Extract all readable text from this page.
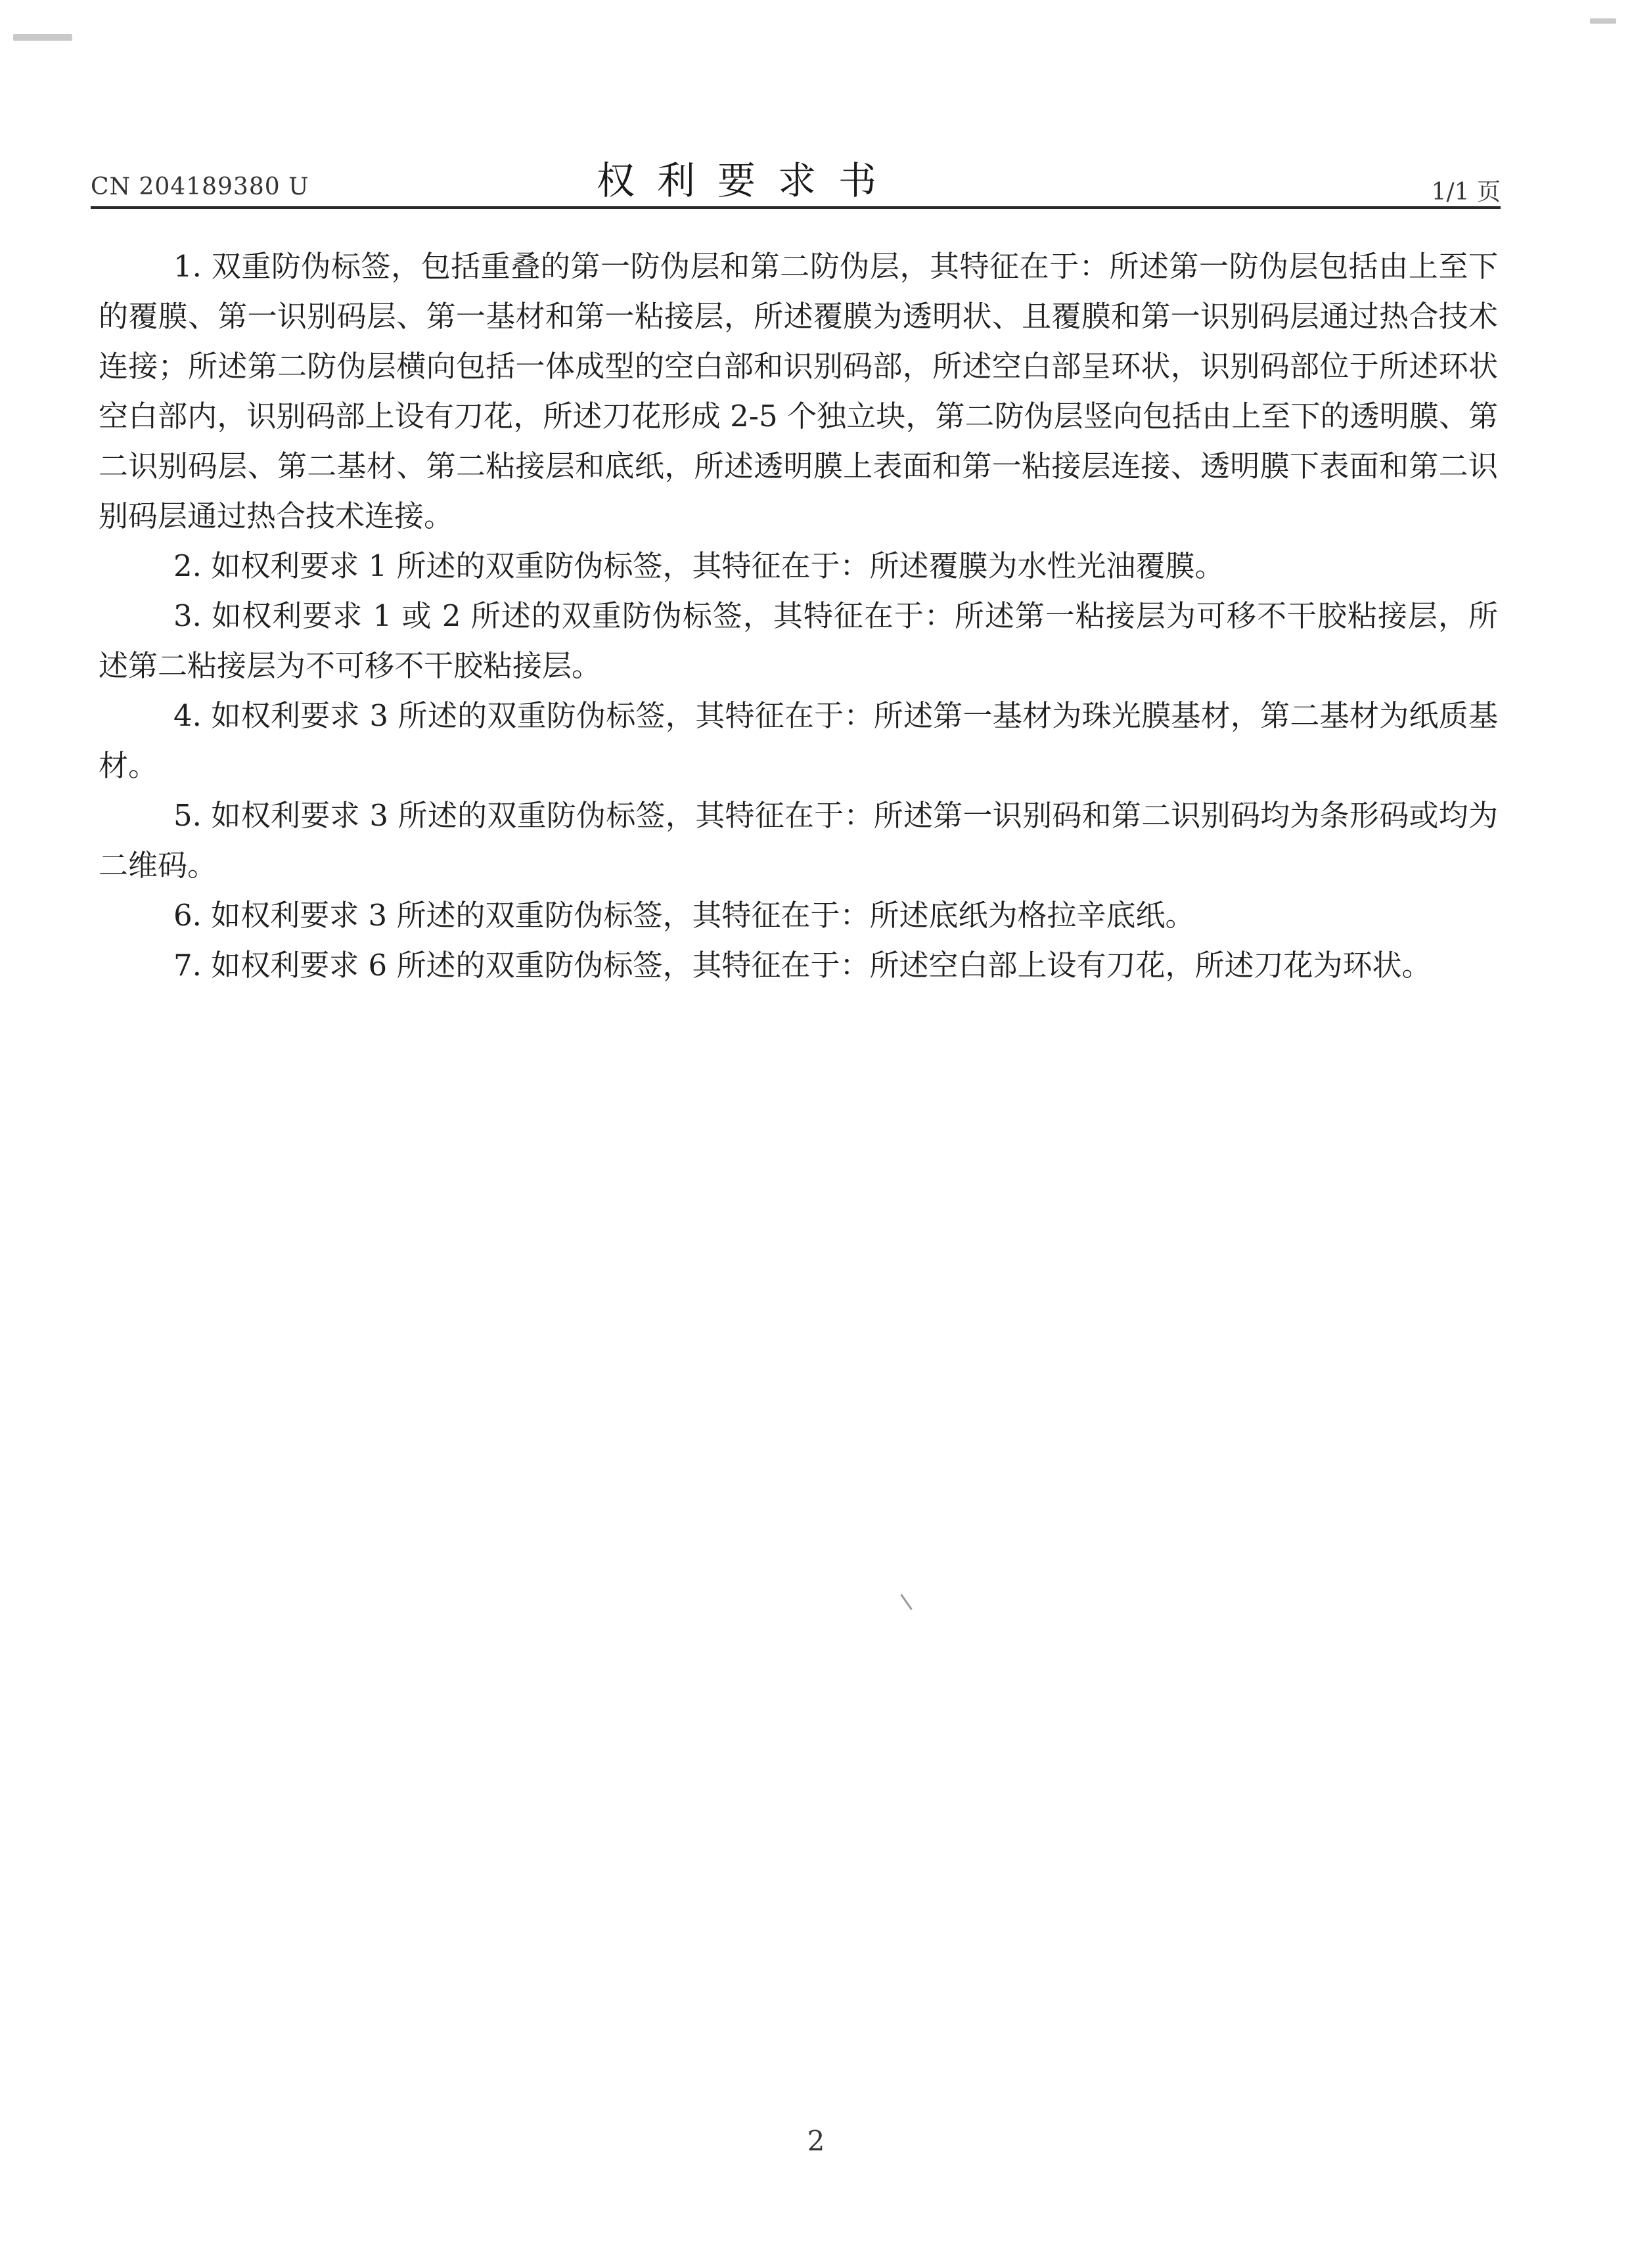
CN 204189380 U	权利要求书	1/1 页

1. 双重防伪标签，包括重叠的第一防伪层和第二防伪层，其特征在于：所述第一防伪层包括由上至下的覆膜、第一识别码层、第一基材和第一粘接层，所述覆膜为透明状、且覆膜和第一识别码层通过热合技术连接；所述第二防伪层横向包括一体成型的空白部和识别码部，所述空白部呈环状，识别码部位于所述环状空白部内，识别码部上设有刀花，所述刀花形成 2-5 个独立块，第二防伪层竖向包括由上至下的透明膜、第二识别码层、第二基材、第二粘接层和底纸，所述透明膜上表面和第一粘接层连接、透明膜下表面和第二识别码层通过热合技术连接。

2. 如权利要求 1 所述的双重防伪标签，其特征在于：所述覆膜为水性光油覆膜。

3. 如权利要求 1 或 2 所述的双重防伪标签，其特征在于：所述第一粘接层为可移不干胶粘接层，所述第二粘接层为不可移不干胶粘接层。

4. 如权利要求 3 所述的双重防伪标签，其特征在于：所述第一基材为珠光膜基材，第二基材为纸质基材。

5. 如权利要求 3 所述的双重防伪标签，其特征在于：所述第一识别码和第二识别码均为条形码或均为二维码。

6. 如权利要求 3 所述的双重防伪标签，其特征在于：所述底纸为格拉辛底纸。

7. 如权利要求 6 所述的双重防伪标签，其特征在于：所述空白部上设有刀花，所述刀花为环状。

2
